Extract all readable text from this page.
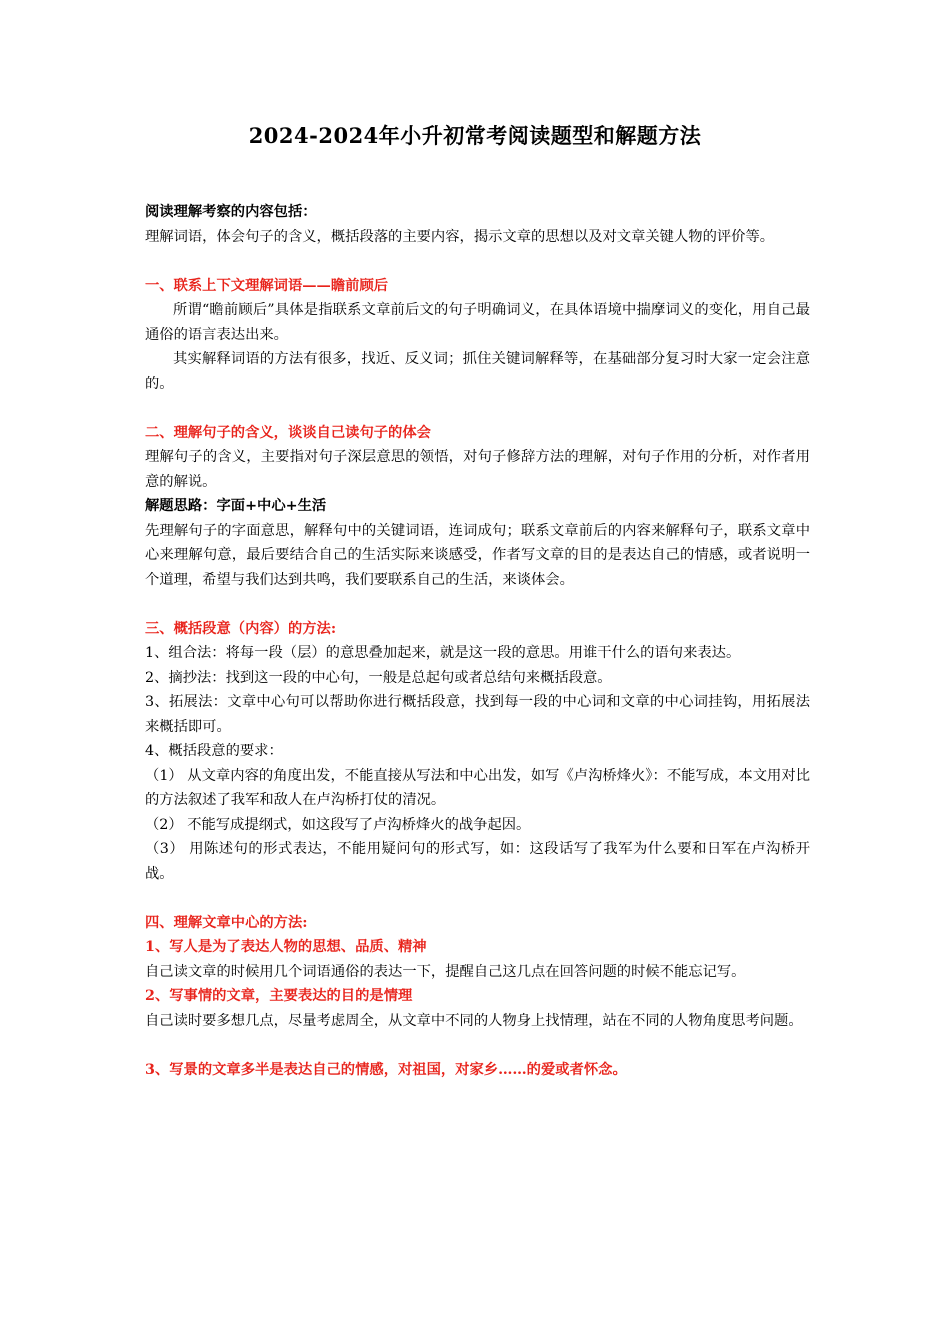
2024-2024年小升初常考阅读题型和解题方法

阅读理解考察的内容包括：

理解词语，体会句子的含义，概括段落的主要内容，揭示文章的思想以及对文章关键人物的评价等。

一、联系上下文理解词语——瞻前顾后

所谓“瞻前顾后”具体是指联系文章前后文的句子明确词义，在具体语境中揣摩词义的变化，用自己最通俗的语言表达出来。

其实解释词语的方法有很多，找近、反义词；抓住关键词解释等，在基础部分复习时大家一定会注意的。

二、理解句子的含义，谈谈自己读句子的体会

理解句子的含义，主要指对句子深层意思的领悟，对句子修辞方法的理解，对句子作用的分析，对作者用意的解说。

解题思路：字面+中心+生活

先理解句子的字面意思，解释句中的关键词语，连词成句；联系文章前后的内容来解释句子，联系文章中心来理解句意，最后要结合自己的生活实际来谈感受，作者写文章的目的是表达自己的情感，或者说明一个道理，希望与我们达到共鸣，我们要联系自己的生活，来谈体会。

三、概括段意（内容）的方法:

1、组合法：将每一段（层）的意思叠加起来，就是这一段的意思。用谁干什么的语句来表达。

2、摘抄法：找到这一段的中心句，一般是总起句或者总结句来概括段意。

3、拓展法：文章中心句可以帮助你进行概括段意，找到每一段的中心词和文章的中心词挂钩，用拓展法来概括即可。

4、概括段意的要求：

（1） 从文章内容的角度出发，不能直接从写法和中心出发，如写《卢沟桥烽火》：不能写成，本文用对比的方法叙述了我军和敌人在卢沟桥打仗的清况。

（2） 不能写成提纲式，如这段写了卢沟桥烽火的战争起因。

（3） 用陈述句的形式表达，不能用疑问句的形式写，如：这段话写了我军为什么要和日军在卢沟桥开战。

四、理解文章中心的方法:

1、写人是为了表达人物的思想、品质、精神

自己读文章的时候用几个词语通俗的表达一下，提醒自己这几点在回答问题的时候不能忘记写。

2、写事情的文章，主要表达的目的是情理

自己读时要多想几点，尽量考虑周全，从文章中不同的人物身上找情理，站在不同的人物角度思考问题。

3、写景的文章多半是表达自己的情感，对祖国，对家乡……的爱或者怀念。
